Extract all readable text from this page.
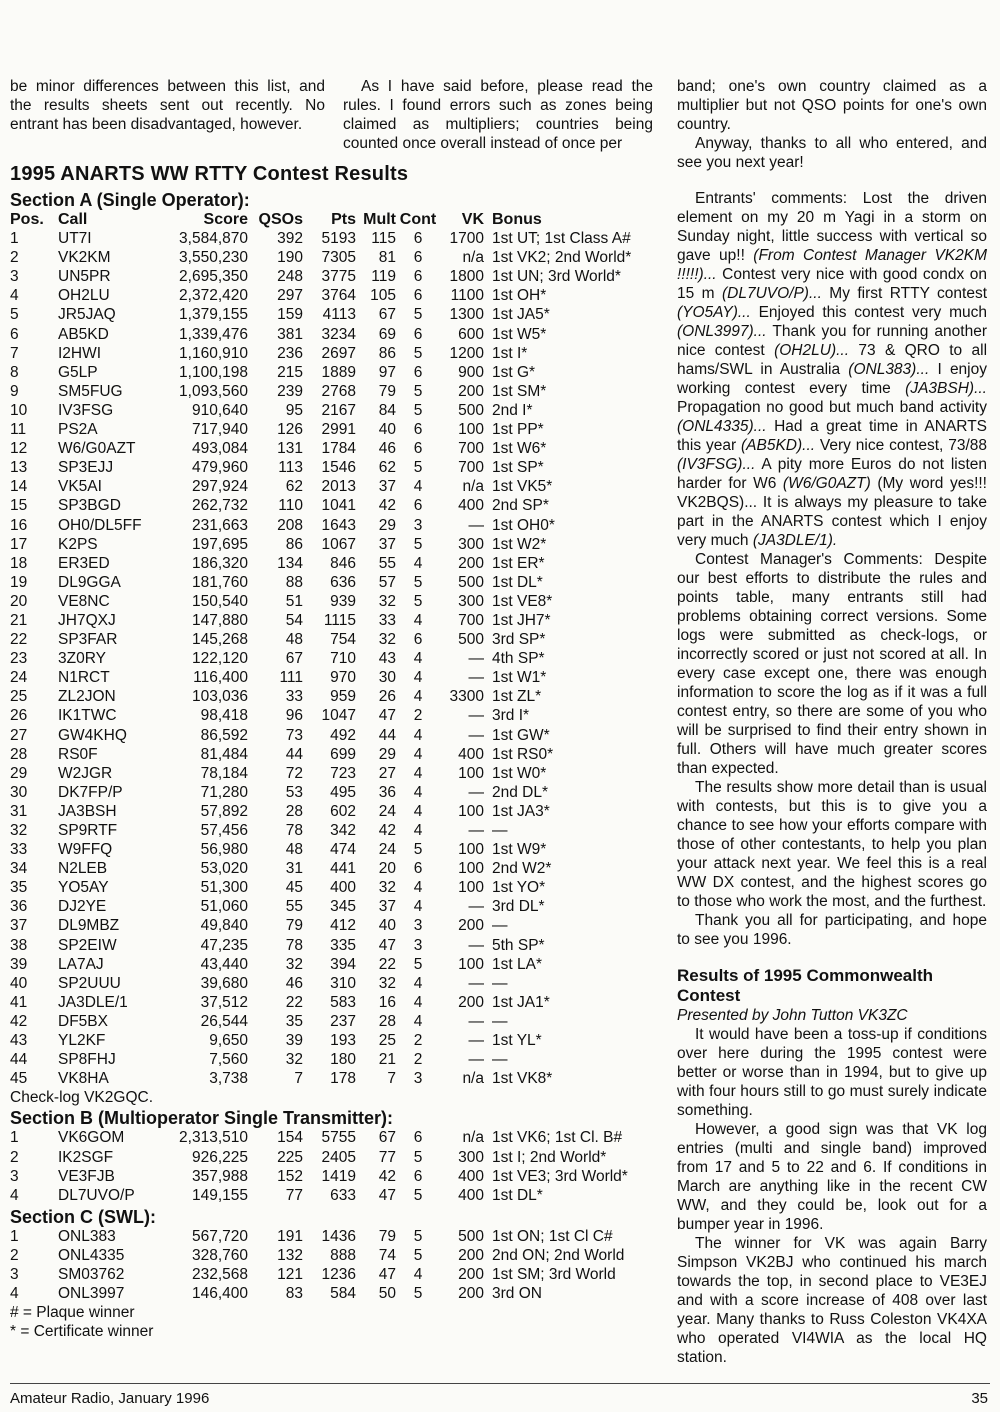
be minor differences between this list, and the results sheets sent out recently. No entrant has been disadvantaged, however.

As I have said before, please read the rules. I found errors such as zones being claimed as multipliers; countries being counted once overall instead of once per

1995 ANARTS WW RTTY Contest Results
Section A (Single Operator):
Pos.	Call	Score	QSOs	Pts	Mult	Cont	VK	Bonus
1	UT7I	3,584,870	392	5193	115	6	1700	1st UT; 1st Class A#
2	VK2KM	3,550,230	190	7305	81	6	n/a	1st VK2; 2nd World*
3	UN5PR	2,695,350	248	3775	119	6	1800	1st UN; 3rd World*
4	OH2LU	2,372,420	297	3764	105	6	1100	1st OH*
5	JR5JAQ	1,379,155	159	4113	67	5	1300	1st JA5*
6	AB5KD	1,339,476	381	3234	69	6	600	1st W5*
7	I2HWI	1,160,910	236	2697	86	5	1200	1st I*
8	G5LP	1,100,198	215	1889	97	6	900	1st G*
9	SM5FUG	1,093,560	239	2768	79	5	200	1st SM*
10	IV3FSG	910,640	95	2167	84	5	500	2nd I*
11	PS2A	717,940	126	2991	40	6	100	1st PP*
12	W6/G0AZT	493,084	131	1784	46	6	700	1st W6*
13	SP3EJJ	479,960	113	1546	62	5	700	1st SP*
14	VK5AI	297,924	62	2013	37	4	n/a	1st VK5*
15	SP3BGD	262,732	110	1041	42	6	400	2nd SP*
16	OH0/DL5FF	231,663	208	1643	29	3	—	1st OH0*
17	K2PS	197,695	86	1067	37	5	300	1st W2*
18	ER3ED	186,320	134	846	55	4	200	1st ER*
19	DL9GGA	181,760	88	636	57	5	500	1st DL*
20	VE8NC	150,540	51	939	32	5	300	1st VE8*
21	JH7QXJ	147,880	54	1115	33	4	700	1st JH7*
22	SP3FAR	145,268	48	754	32	6	500	3rd SP*
23	3Z0RY	122,120	67	710	43	4	—	4th SP*
24	N1RCT	116,400	111	970	30	4	—	1st W1*
25	ZL2JON	103,036	33	959	26	4	3300	1st ZL*
26	IK1TWC	98,418	96	1047	47	2	—	3rd I*
27	GW4KHQ	86,592	73	492	44	4	—	1st GW*
28	RS0F	81,484	44	699	29	4	400	1st RS0*
29	W2JGR	78,184	72	723	27	4	100	1st W0*
30	DK7FP/P	71,280	53	495	36	4	—	2nd DL*
31	JA3BSH	57,892	28	602	24	4	100	1st JA3*
32	SP9RTF	57,456	78	342	42	4	—	—
33	W9FFQ	56,980	48	474	24	5	100	1st W9*
34	N2LEB	53,020	31	441	20	6	100	2nd W2*
35	YO5AY	51,300	45	400	32	4	100	1st YO*
36	DJ2YE	51,060	55	345	37	4	—	3rd DL*
37	DL9MBZ	49,840	79	412	40	3	200	—
38	SP2EIW	47,235	78	335	47	3	—	5th SP*
39	LA7AJ	43,440	32	394	22	5	100	1st LA*
40	SP2UUU	39,680	46	310	32	4	—	—
41	JA3DLE/1	37,512	22	583	16	4	200	1st JA1*
42	DF5BX	26,544	35	237	28	4	—	—
43	YL2KF	9,650	39	193	25	2	—	1st YL*
44	SP8FHJ	7,560	32	180	21	2	—	—
45	VK8HA	3,738	7	178	7	3	n/a	1st VK8*
Check-log VK2GQC.
Section B (Multioperator Single Transmitter):
1	VK6GOM	2,313,510	154	5755	67	6	n/a	1st VK6; 1st Cl. B#
2	IK2SGF	926,225	225	2405	77	5	300	1st I; 2nd World*
3	VE3FJB	357,988	152	1419	42	6	400	1st VE3; 3rd World*
4	DL7UVO/P	149,155	77	633	47	5	400	1st DL*
Section C (SWL):
1	ONL383	567,720	191	1436	79	5	500	1st ON; 1st Cl C#
2	ONL4335	328,760	132	888	74	5	200	2nd ON; 2nd World
3	SM03762	232,568	121	1236	47	4	200	1st SM; 3rd World
4	ONL3997	146,400	83	584	50	5	200	3rd ON
# = Plaque winner
* = Certificate winner

band; one's own country claimed as a multiplier but not QSO points for one's own country.

Anyway, thanks to all who entered, and see you next year!

Entrants' comments: Lost the driven element on my 20 m Yagi in a storm on Sunday night, little success with vertical so gave up!! (From Contest Manager VK2KM !!!!!)... Contest very nice with good condx on 15 m (DL7UVO/P)... My first RTTY contest (YO5AY)... Enjoyed this contest very much (ONL3997)... Thank you for running another nice contest (OH2LU)... 73 & QRO to all hams/SWL in Australia (ONL383)... I enjoy working contest every time (JA3BSH)... Propagation no good but much band activity (ONL4335)... Had a great time in ANARTS this year (AB5KD)... Very nice contest, 73/88 (IV3FSG)... A pity more Euros do not listen harder for W6 (W6/G0AZT) (My word yes!!! VK2BQS)... It is always my pleasure to take part in the ANARTS contest which I enjoy very much (JA3DLE/1).

Contest Manager's Comments: Despite our best efforts to distribute the rules and points table, many entrants still had problems obtaining correct versions. Some logs were submitted as check-logs, or incorrectly scored or just not scored at all. In every case except one, there was enough information to score the log as if it was a full contest entry, so there are some of you who will be surprised to find their entry shown in full. Others will have much greater scores than expected.

The results show more detail than is usual with contests, but this is to give you a chance to see how your efforts compare with those of other contestants, to help you plan your attack next year. We feel this is a real WW DX contest, and the highest scores go to those who work the most, and the furthest.

Thank you all for participating, and hope to see you 1996.

Results of 1995 Commonwealth Contest

Presented by John Tutton VK3ZC

It would have been a toss-up if conditions over here during the 1995 contest were better or worse than in 1994, but to give up with four hours still to go must surely indicate something.

However, a good sign was that VK log entries (multi and single band) improved from 17 and 5 to 22 and 6. If conditions in March are anything like in the recent CW WW, and they could be, look out for a bumper year in 1996.

The winner for VK was again Barry Simpson VK2BJ who continued his march towards the top, in second place to VE3EJ and with a score increase of 408 over last year. Many thanks to Russ Coleston VK4XA who operated VI4WIA as the local HQ station.

Amateur Radio, January 1996	35
